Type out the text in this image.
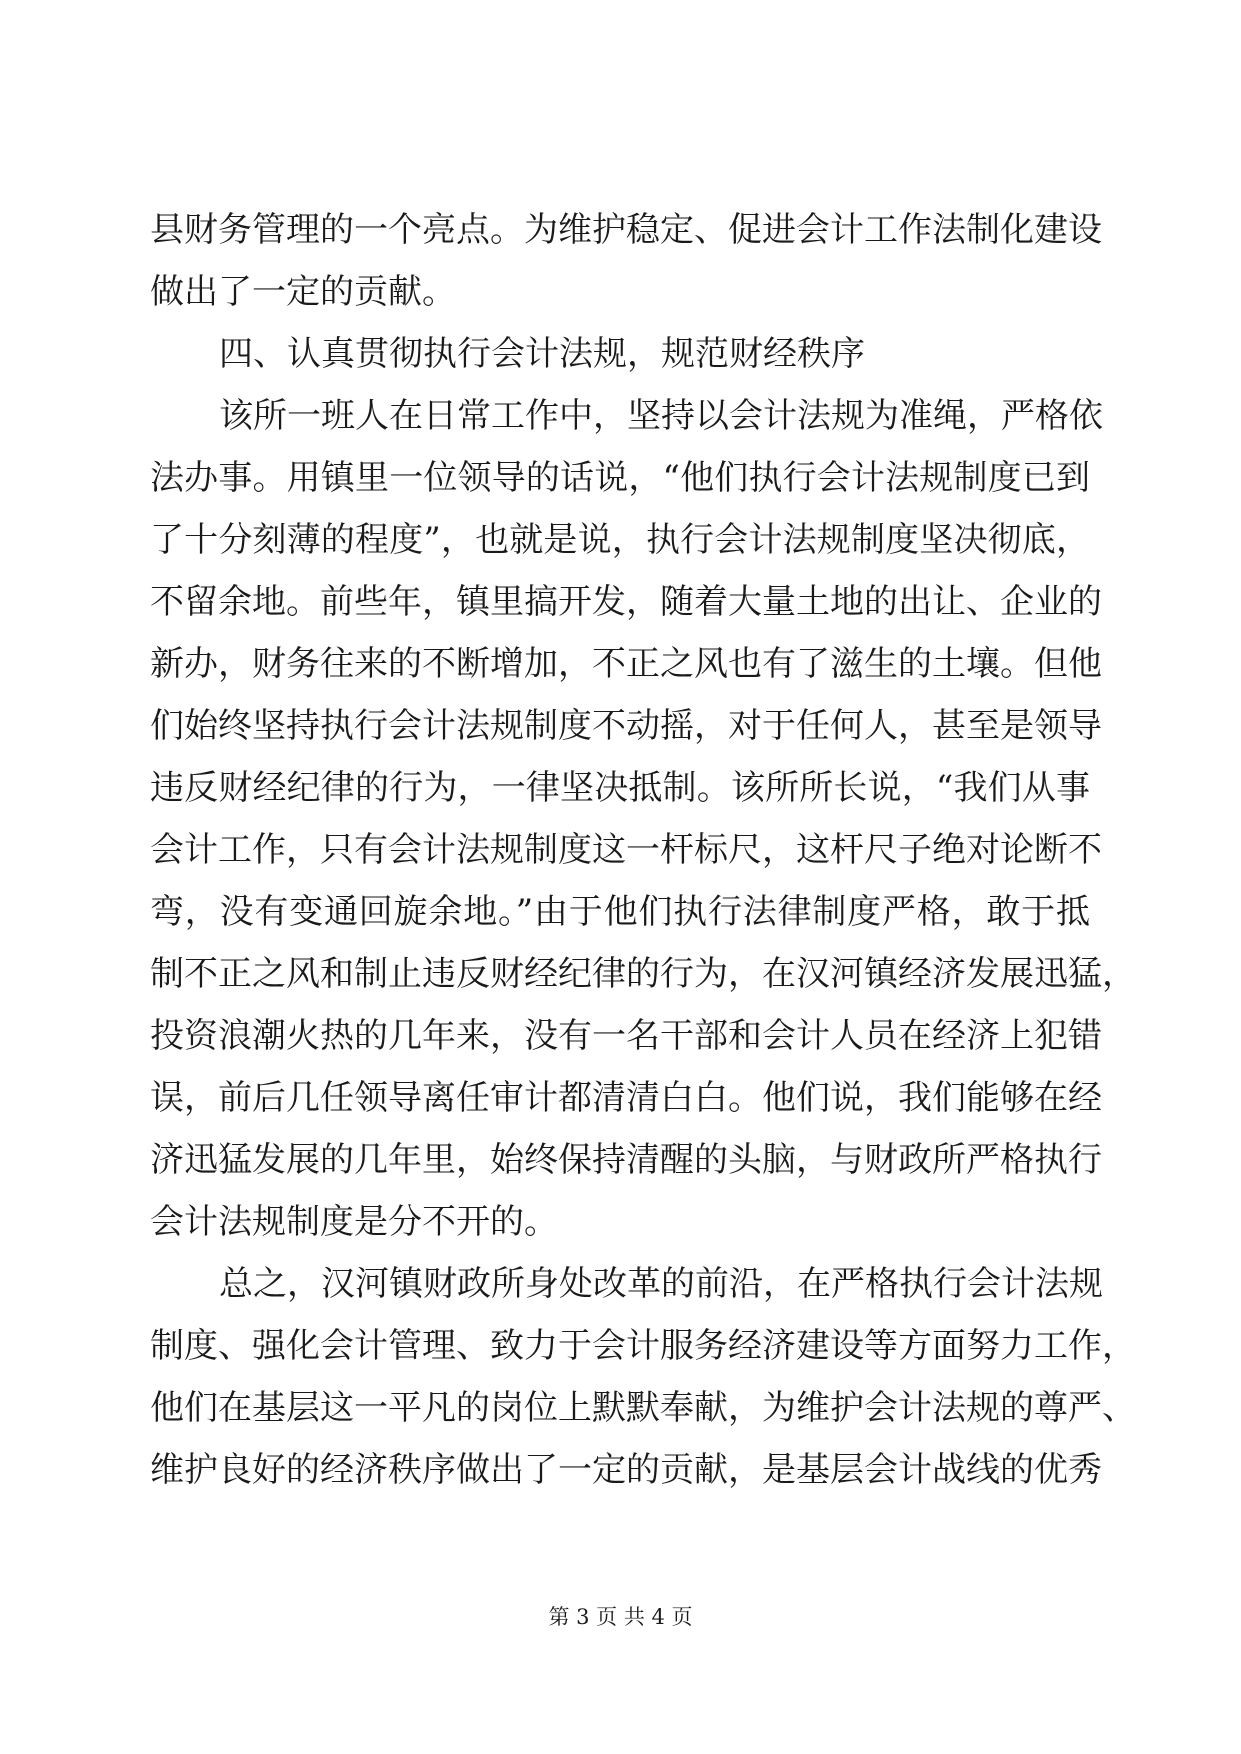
县财务管理的一个亮点。为维护稳定、促进会计工作法制化建设
做出了一定的贡献。
四、认真贯彻执行会计法规，规范财经秩序
该所一班人在日常工作中，坚持以会计法规为准绳，严格依
法办事。用镇里一位领导的话说，“他们执行会计法规制度已到
了十分刻薄的程度”，也就是说，执行会计法规制度坚决彻底，
不留余地。前些年，镇里搞开发，随着大量土地的出让、企业的
新办，财务往来的不断增加，不正之风也有了滋生的土壤。但他
们始终坚持执行会计法规制度不动摇，对于任何人，甚至是领导
违反财经纪律的行为，一律坚决抵制。该所所长说，“我们从事
会计工作，只有会计法规制度这一杆标尺，这杆尺子绝对论断不
弯，没有变通回旋余地。”由于他们执行法律制度严格，敢于抵
制不正之风和制止违反财经纪律的行为，在汉河镇经济发展迅猛，
投资浪潮火热的几年来，没有一名干部和会计人员在经济上犯错
误，前后几任领导离任审计都清清白白。他们说，我们能够在经
济迅猛发展的几年里，始终保持清醒的头脑，与财政所严格执行
会计法规制度是分不开的。
总之，汉河镇财政所身处改革的前沿，在严格执行会计法规
制度、强化会计管理、致力于会计服务经济建设等方面努力工作，
他们在基层这一平凡的岗位上默默奉献，为维护会计法规的尊严、
维护良好的经济秩序做出了一定的贡献，是基层会计战线的优秀
第 3 页 共 4 页
